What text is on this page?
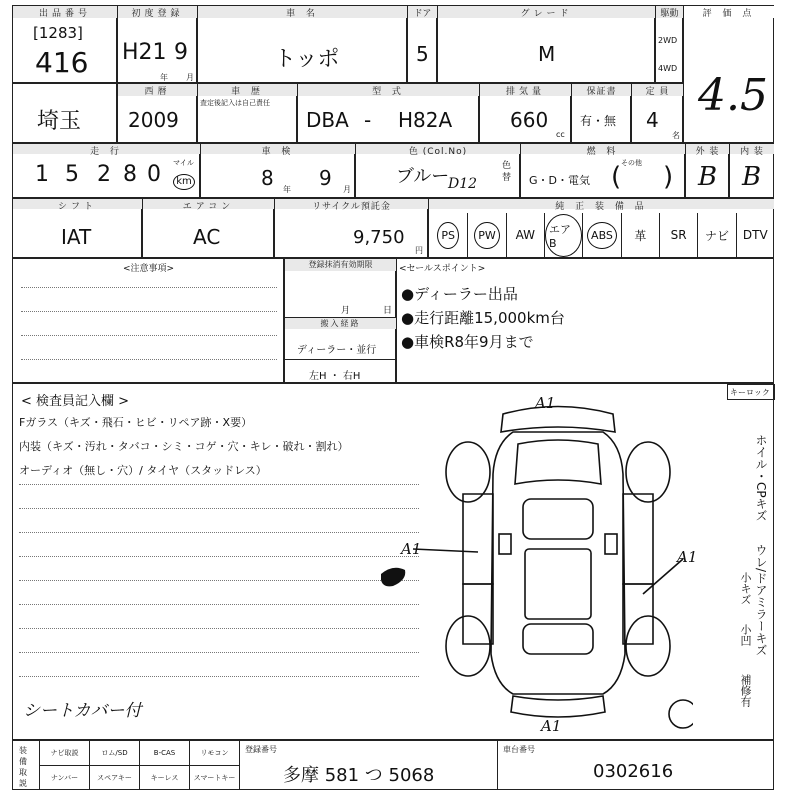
出品番号
[1283]
416
初度登録
H21 9
年 月
車 名
トッポ
ドア
5
グレード
M
駆動
2WD
4WD
評 価 点
4.5
埼玉
西暦
2009
車 歴
査定後記入は自己責任
型 式
DBA - H82A
排気量
660
cc
保証書
有・無
定 員
4
名
走 行
1 5 2 8 0 マイル
km
車 検
8 年 9 月
色 (Col.No)
ブルー
D12
色替
燃 料
G・D・電気
その他
( )
外 装
B
内 装
B
シフト
IAT
エアコン
AC
リサイクル預託金
9,750
円
純 正 装 備 品
PS	PW	AW	エアB
ABS	革 SR ナビ DTV
<注意事項>	登録抹消有効期限
月	日
搬入経路
ディーラー・並行
左H ・ 右H
<セールスポイント>
●ディーラー出品
●走行距離15,000km台
●車検R8年9月まで
< 検査員記入欄 >
Fガラス（キズ・飛石・ヒビ・リペア跡・X要）
内装（キズ・汚れ・タバコ・シミ・コゲ・穴・キレ・破れ・割れ）
オーディオ（無し・穴）/ タイヤ（スタッドレス）
シートカバー付
キーロック
ホイル・CPキズ
ウレ/ドアミラーキズ
小キズ
小凹
補修有
A1
A1	A1
A1
装備
取説
ナビ取説	ロム/SD	B-CAS	リモコン
ナンバー	スペアキー	キーレス	スマートキー
登録番号
多摩 581 つ 5068
車台番号
0302616
